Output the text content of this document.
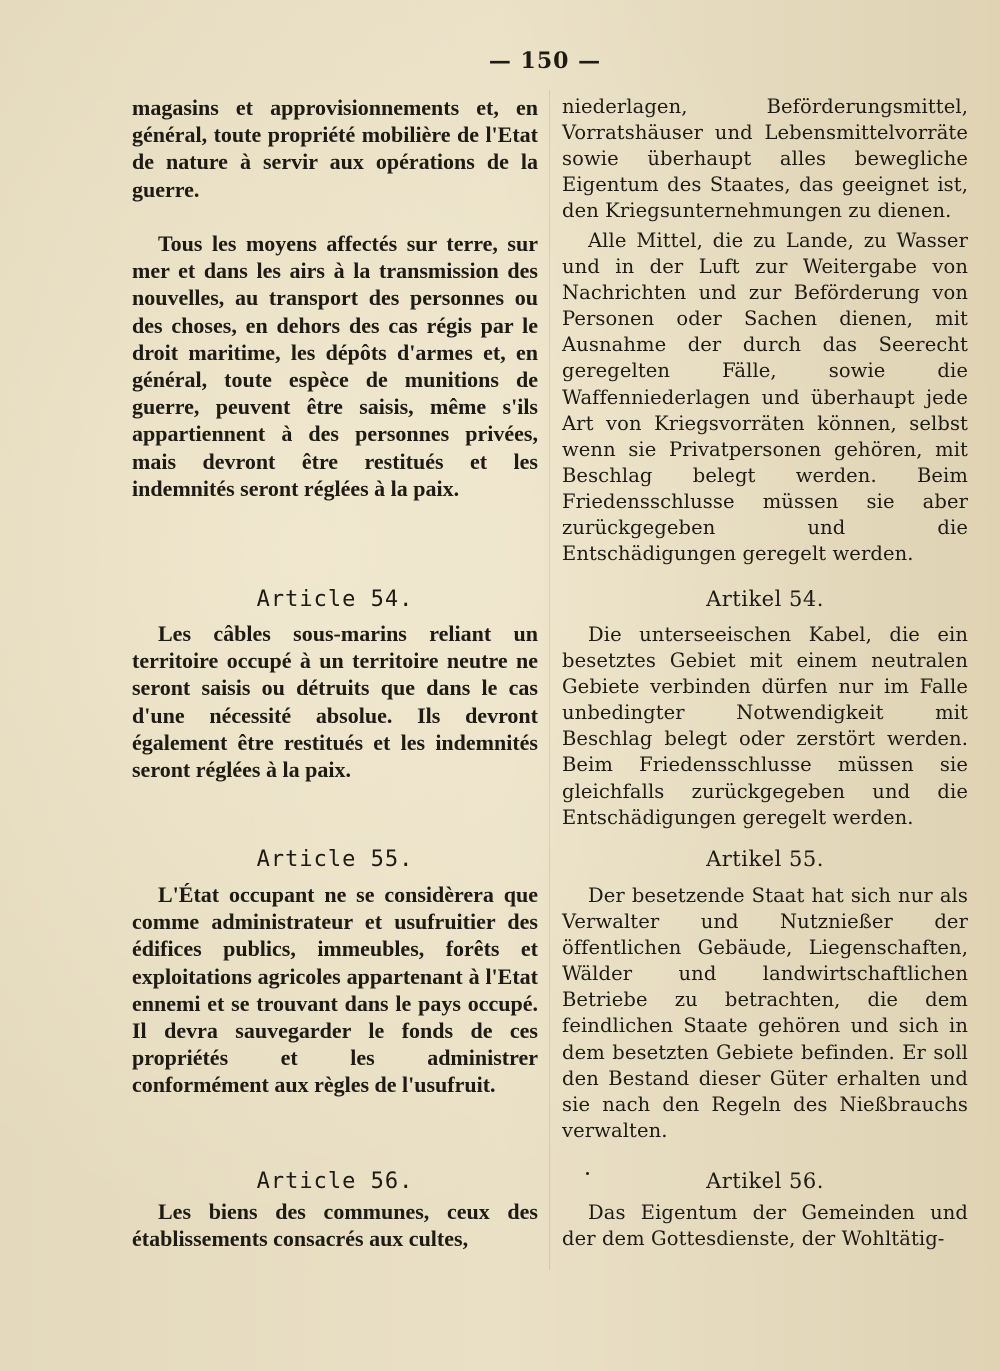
— 150 —

magasins et approvisionnements et, en général, toute propriété mobilière de l'Etat de nature à servir aux opérations de la guerre.

Tous les moyens affectés sur terre, sur mer et dans les airs à la transmission des nouvelles, au transport des personnes ou des choses, en dehors des cas régis par le droit maritime, les dépôts d'armes et, en général, toute espèce de munitions de guerre, peuvent être saisis, même s'ils appartiennent à des personnes privées, mais devront être restitués et les indemnités seront réglées à la paix.

Article 54.

Les câbles sous-marins reliant un territoire occupé à un territoire neutre ne seront saisis ou détruits que dans le cas d'une nécessité absolue. Ils devront également être restitués et les indemnités seront réglées à la paix.

Article 55.

L'État occupant ne se considèrera que comme administrateur et usufruitier des édifices publics, immeubles, forêts et exploitations agricoles appartenant à l'Etat ennemi et se trouvant dans le pays occupé. Il devra sauvegarder le fonds de ces propriétés et les administrer conformément aux règles de l'usufruit.

Article 56.

Les biens des communes, ceux des établissements consacrés aux cultes,

niederlagen, Beförderungsmittel, Vorratshäuser und Lebensmittelvorräte sowie überhaupt alles bewegliche Eigentum des Staates, das geeignet ist, den Kriegsunternehmungen zu dienen.

Alle Mittel, die zu Lande, zu Wasser und in der Luft zur Weitergabe von Nachrichten und zur Beförderung von Personen oder Sachen dienen, mit Ausnahme der durch das Seerecht geregelten Fälle, sowie die Waffenniederlagen und überhaupt jede Art von Kriegsvorräten können, selbst wenn sie Privatpersonen gehören, mit Beschlag belegt werden. Beim Friedensschlusse müssen sie aber zurückgegeben und die Entschädigungen geregelt werden.

Artikel 54.

Die unterseeischen Kabel, die ein besetztes Gebiet mit einem neutralen Gebiete verbinden dürfen nur im Falle unbedingter Notwendigkeit mit Beschlag belegt oder zerstört werden. Beim Friedensschlusse müssen sie gleichfalls zurückgegeben und die Entschädigungen geregelt werden.

Artikel 55.

Der besetzende Staat hat sich nur als Verwalter und Nutznießer der öffentlichen Gebäude, Liegenschaften, Wälder und landwirtschaftlichen Betriebe zu betrachten, die dem feindlichen Staate gehören und sich in dem besetzten Gebiete befinden. Er soll den Bestand dieser Güter erhalten und sie nach den Regeln des Nießbrauchs verwalten.

Artikel 56.

Das Eigentum der Gemeinden und der dem Gottesdienste, der Wohltätig-
